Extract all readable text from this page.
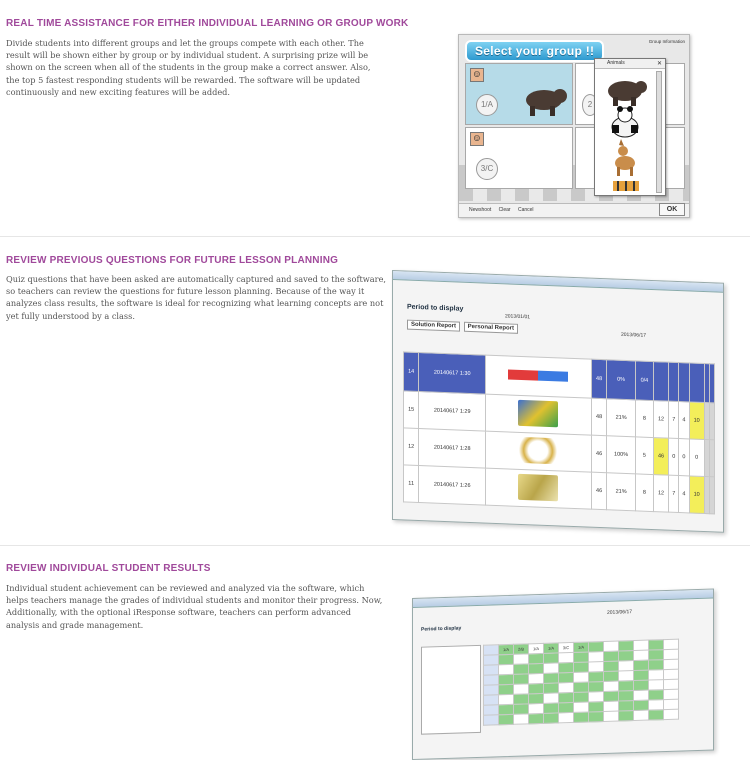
REAL TIME ASSISTANCE FOR EITHER INDIVIDUAL LEARNING OR GROUP WORK
Divide students into different groups and let the groups compete with each other. The result will be shown either by group or by individual student. A surprising prize will be shown on the screen when all of the students in the group make a correct answer. Also, the top 5 fastest responding students will be rewarded. The software will be updated continuously and new exciting features will be added.
Select your group !!
Group Information
☺
1/A	2
☺
3/C
Newshoot Clear Cancel	OK
Animals	✕
REVIEW PREVIOUS QUESTIONS FOR FUTURE LESSON PLANNING
Quiz questions that have been asked are automatically captured and saved to the software, so teachers can review the questions for future lesson planning. Because of the way it analyzes class results, the software is ideal for recognizing what learning concepts are not yet fully understood by a class.
Period to display
2013/01/01
2013/06/17
Solution Report Personal Report
14	20140617 1:30		48	0%	0/4						
15	20140617 1:29		48	21%	8	12	7	4	10		
12	20140617 1:28		46	100%	5	46	0	0	0		
11	20140617 1:26		46	21%	8	12	7	4	10		
REVIEW INDIVIDUAL STUDENT RESULTS
Individual student achievement can be reviewed and analyzed via the software, which helps teachers manage the grades of individual students and monitor their progress. Now, Additionally, with the optional iResponse software, teachers can perform advanced analysis and grade management.
2013/06/17
Period to display
	1/A	2/B	1/A	1/A	3/C	1/A						
